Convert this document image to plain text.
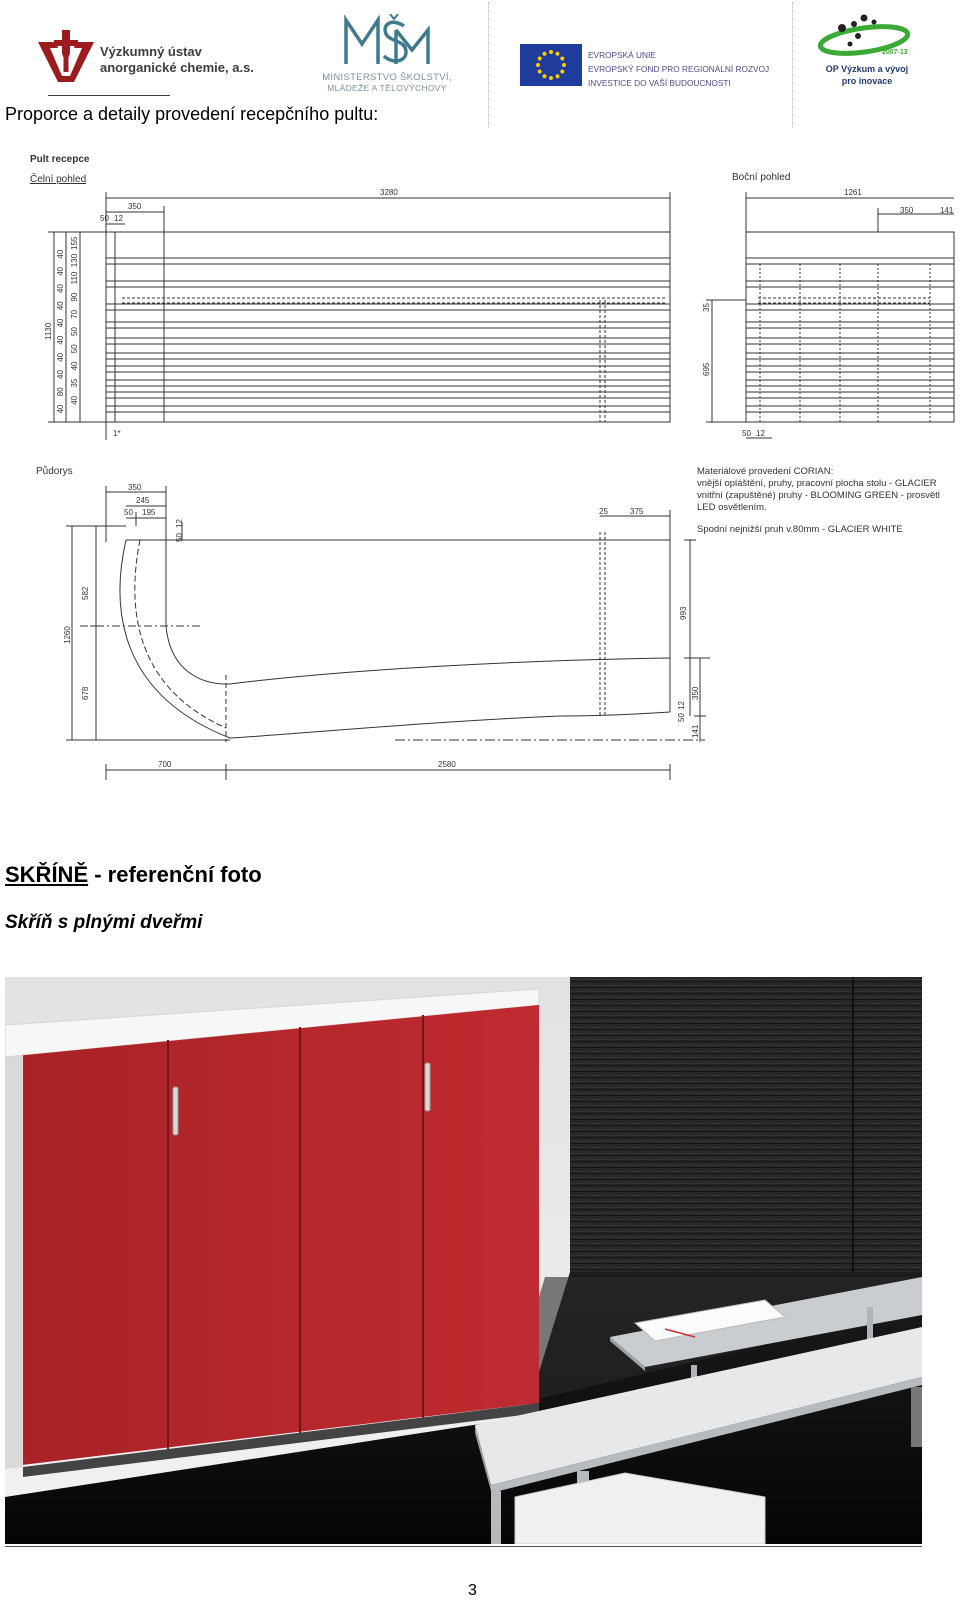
Výzkumný ústav
anorganické chemie, a.s.
MINISTERSTVO ŠKOLSTVÍ,
MLÁDEŽE A TĚLOVÝCHOVY
EVROPSKÁ UNIE
EVROPSKÝ FOND PRO REGIONÁLNÍ ROZVOJ
INVESTICE DO VAŠÍ BUDOUCNOSTI
2007-13
OP Výzkum a vývoj
pro inovace
Proporce a detaily provedení recepčního pultu:
Pult recepce
Čelní pohled	Boční pohled
Půdorys
3280
350
50 12
1*
1130
155
40 130
40
110
40
90
40
70
40
50
40
50
40
40
40
35
80
40
40
1261
350	141
35
695
50 12
350
245
50 195
12
50
25	375
582
1260
678
993
350
141
50
12
700	2580
Materiálové provedení CORIAN:
vnější opláštění, pruhy, pracovní plocha stolu - GLACIER
vnitřní (zapuštěné) pruhy - BLOOMING GREEN - prosvětl
LED osvětlením.
Spodní nejnižší pruh v.80mm - GLACIER WHITE
SKŘÍNĚ - referenční foto
Skříň s plnými dveřmi
3
